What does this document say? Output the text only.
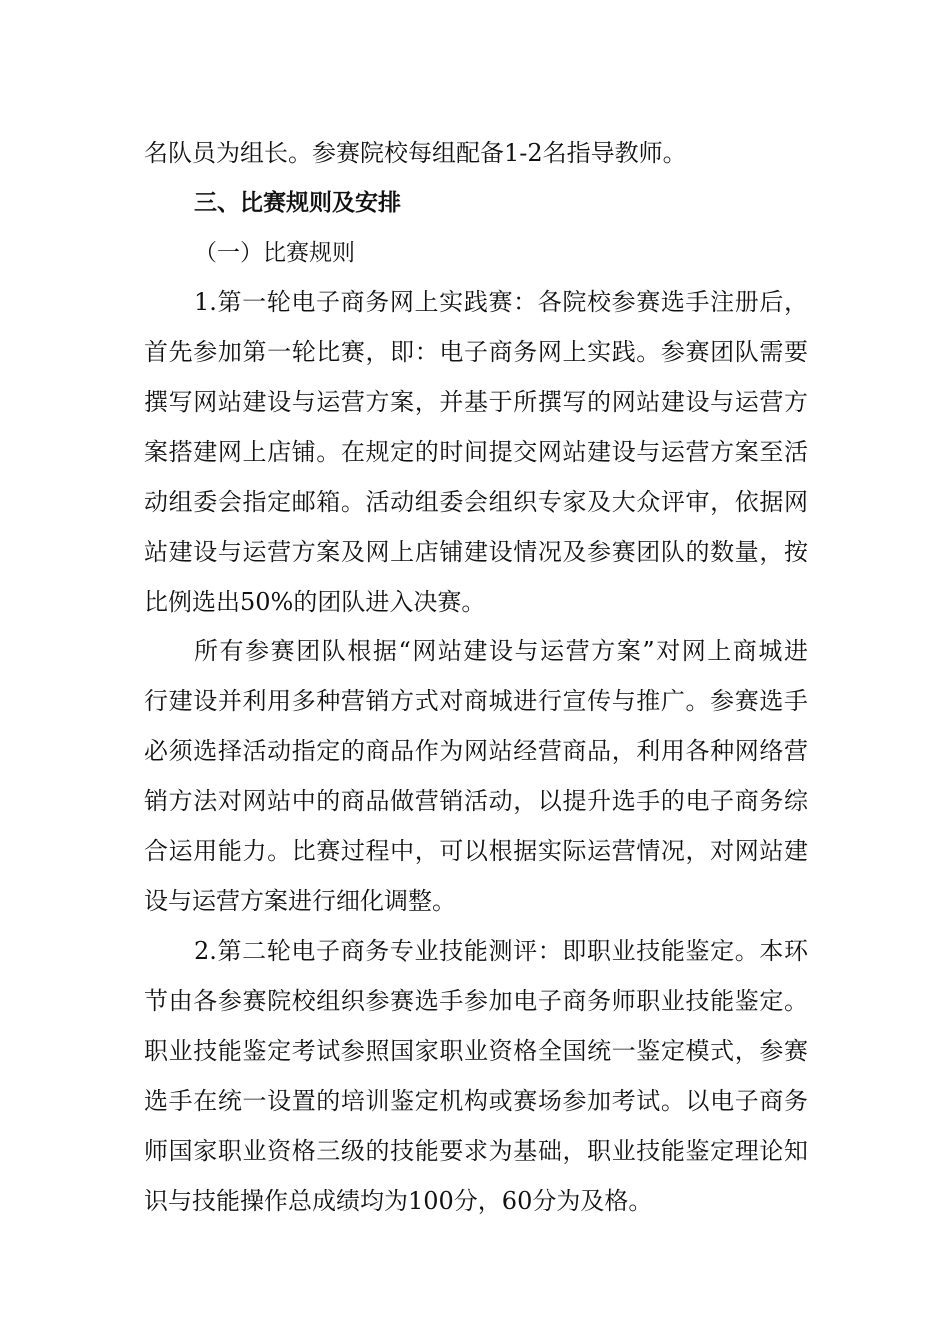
名队员为组长。参赛院校每组配备1-2名指导教师。
三、比赛规则及安排
（一）比赛规则
1.第一轮电子商务网上实践赛：各院校参赛选手注册后，
首先参加第一轮比赛，即：电子商务网上实践。参赛团队需要
撰写网站建设与运营方案，并基于所撰写的网站建设与运营方
案搭建网上店铺。在规定的时间提交网站建设与运营方案至活
动组委会指定邮箱。活动组委会组织专家及大众评审，依据网
站建设与运营方案及网上店铺建设情况及参赛团队的数量，按
比例选出50%的团队进入决赛。
所有参赛团队根据“网站建设与运营方案”对网上商城进
行建设并利用多种营销方式对商城进行宣传与推广。参赛选手
必须选择活动指定的商品作为网站经营商品，利用各种网络营
销方法对网站中的商品做营销活动，以提升选手的电子商务综
合运用能力。比赛过程中，可以根据实际运营情况，对网站建
设与运营方案进行细化调整。
2.第二轮电子商务专业技能测评：即职业技能鉴定。本环
节由各参赛院校组织参赛选手参加电子商务师职业技能鉴定。
职业技能鉴定考试参照国家职业资格全国统一鉴定模式，参赛
选手在统一设置的培训鉴定机构或赛场参加考试。以电子商务
师国家职业资格三级的技能要求为基础，职业技能鉴定理论知
识与技能操作总成绩均为100分，60分为及格。
